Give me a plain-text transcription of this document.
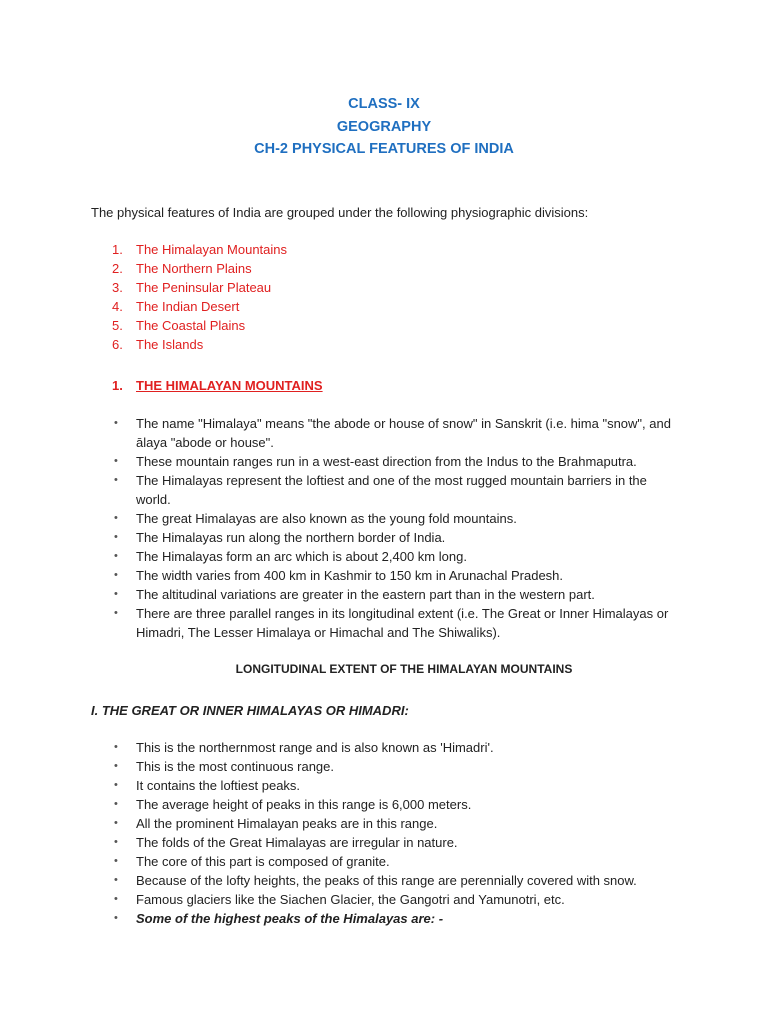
CLASS- IX
GEOGRAPHY
CH-2 PHYSICAL FEATURES OF INDIA
The physical features of India are grouped under the following physiographic divisions:
1.	The Himalayan Mountains
2.	The Northern Plains
3.	The Peninsular Plateau
4.	The Indian Desert
5.	The Coastal Plains
6.	The Islands
1. THE HIMALAYAN MOUNTAINS
• The name "Himalaya" means "the abode or house of snow" in Sanskrit (i.e. hima "snow", and ālaya "abode or house".
• These mountain ranges run in a west-east direction from the Indus to the Brahmaputra.
• The Himalayas represent the loftiest and one of the most rugged mountain barriers in the world.
• The great Himalayas are also known as the young fold mountains.
• The Himalayas run along the northern border of India.
• The Himalayas form an arc which is about 2,400 km long.
• The width varies from 400 km in Kashmir to 150 km in Arunachal Pradesh.
• The altitudinal variations are greater in the eastern part than in the western part.
• There are three parallel ranges in its longitudinal extent (i.e. The Great or Inner Himalayas or Himadri, The Lesser Himalaya or Himachal and The Shiwaliks).
LONGITUDINAL EXTENT OF THE HIMALAYAN MOUNTAINS
I. THE GREAT OR INNER HIMALAYAS OR HIMADRI:
• This is the northernmost range and is also known as 'Himadri'.
• This is the most continuous range.
• It contains the loftiest peaks.
• The average height of peaks in this range is 6,000 meters.
• All the prominent Himalayan peaks are in this range.
• The folds of the Great Himalayas are irregular in nature.
• The core of this part is composed of granite.
• Because of the lofty heights, the peaks of this range are perennially covered with snow.
• Famous glaciers like the Siachen Glacier, the Gangotri and Yamunotri, etc.
• Some of the highest peaks of the Himalayas are: -
